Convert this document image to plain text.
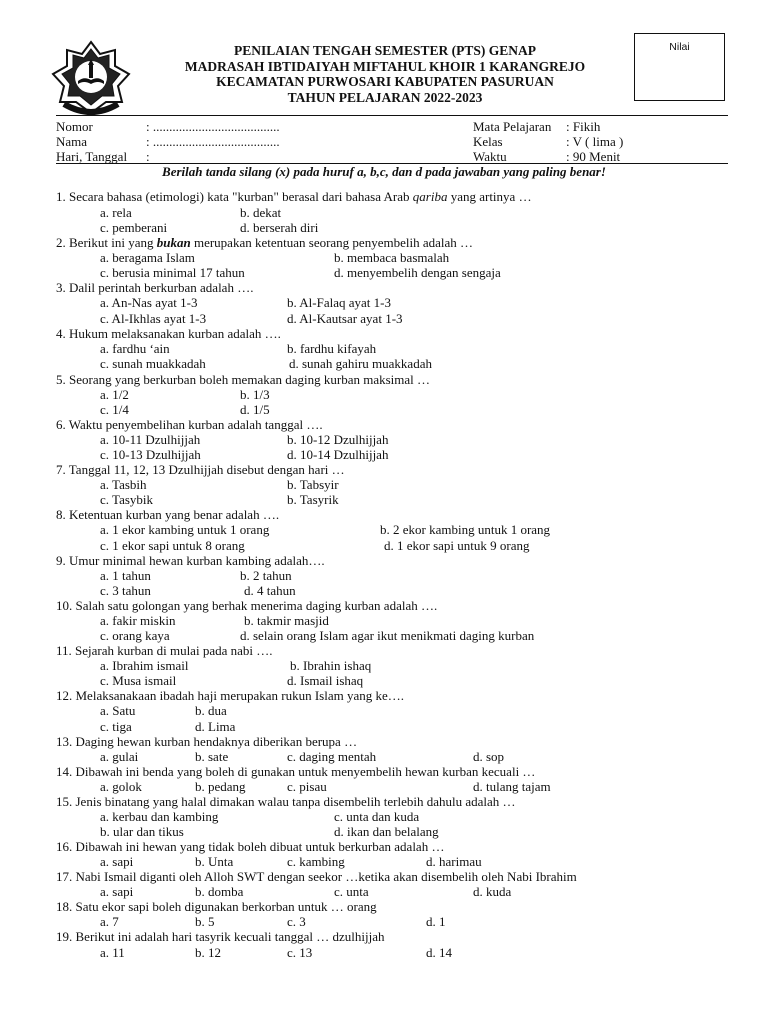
PENILAIAN TENGAH SEMESTER (PTS) GENAP
MADRASAH IBTIDAIYAH MIFTAHUL KHOIR 1 KARANGREJO
KECAMATAN PURWOSARI KABUPATEN PASURUAN
TAHUN PELAJARAN 2022-2023
Nilai
Nomor	: .......................................
Nama	: .......................................
Hari, Tanggal :
Mata Pelajaran : Fikih
Kelas	: V ( lima )
Waktu	: 90 Menit
Berilah tanda silang (x) pada huruf a, b,c, dan d pada jawaban yang paling benar!
1. Secara bahasa (etimologi) kata "kurban" berasal dari bahasa Arab qariba yang artinya …
a. rela	b. dekat
c. pemberani	d. berserah diri
2. Berikut ini yang bukan merupakan ketentuan seorang penyembelih adalah …
a. beragama Islam	b. membaca basmalah
c. berusia minimal 17 tahun	d. menyembelih dengan sengaja
3. Dalil perintah berkurban adalah ….
a. An-Nas ayat 1-3	b. Al-Falaq ayat 1-3
c. Al-Ikhlas ayat 1-3	d. Al-Kautsar ayat 1-3
4. Hukum melaksanakan kurban adalah ….
a. fardhu ‘ain	b. fardhu kifayah
c. sunah muakkadah	d. sunah gahiru muakkadah
5. Seorang yang berkurban boleh memakan daging kurban maksimal …
a. 1/2	b. 1/3
c. 1/4	d. 1/5
6. Waktu penyembelihan kurban adalah tanggal ….
a. 10-11 Dzulhijjah	b. 10-12 Dzulhijjah
c. 10-13 Dzulhijjah	d. 10-14 Dzulhijjah
7. Tanggal 11, 12, 13 Dzulhijjah disebut dengan hari …
a. Tasbih	b. Tabsyir
c. Tasybik	b. Tasyrik
8. Ketentuan kurban yang benar adalah ….
a. 1 ekor kambing untuk 1 orang	b. 2 ekor kambing untuk 1 orang
c. 1 ekor sapi untuk 8 orang	d. 1 ekor sapi untuk 9 orang
9. Umur minimal hewan kurban kambing adalah….
a. 1 tahun	b. 2 tahun
c. 3 tahun	d. 4 tahun
10. Salah satu golongan yang berhak menerima daging kurban adalah ….
a. fakir miskin	b. takmir masjid
c. orang kaya	d. selain orang Islam agar ikut menikmati daging kurban
11. Sejarah kurban di mulai pada nabi ….
a. Ibrahim ismail	b. Ibrahin ishaq
c. Musa ismail	d. Ismail ishaq
12. Melaksanakaan ibadah haji merupakan rukun Islam yang ke….
a. Satu	b. dua
c. tiga	d. Lima
13. Daging hewan kurban hendaknya diberikan berupa …
a. gulai	b. sate	c. daging mentah	d. sop
14. Dibawah ini benda yang boleh di gunakan untuk menyembelih hewan kurban kecuali …
a. golok	b. pedang	c. pisau	d. tulang tajam
15. Jenis binatang yang halal dimakan walau tanpa disembelih terlebih dahulu adalah …
a. kerbau dan kambing	c. unta dan kuda
b. ular dan tikus	d. ikan dan belalang
16. Dibawah ini hewan yang tidak boleh dibuat untuk berkurban adalah …
a. sapi	b. Unta	c. kambing	d. harimau
17. Nabi Ismail diganti oleh Alloh SWT dengan seekor …ketika akan disembelih oleh Nabi Ibrahim
a. sapi	b. domba	c. unta	d. kuda
18. Satu ekor sapi boleh digunakan berkorban untuk … orang
a. 7	b. 5	c. 3	d. 1
19. Berikut ini adalah hari tasyrik kecuali tanggal … dzulhijjah
a. 11	b. 12	c. 13	d. 14
